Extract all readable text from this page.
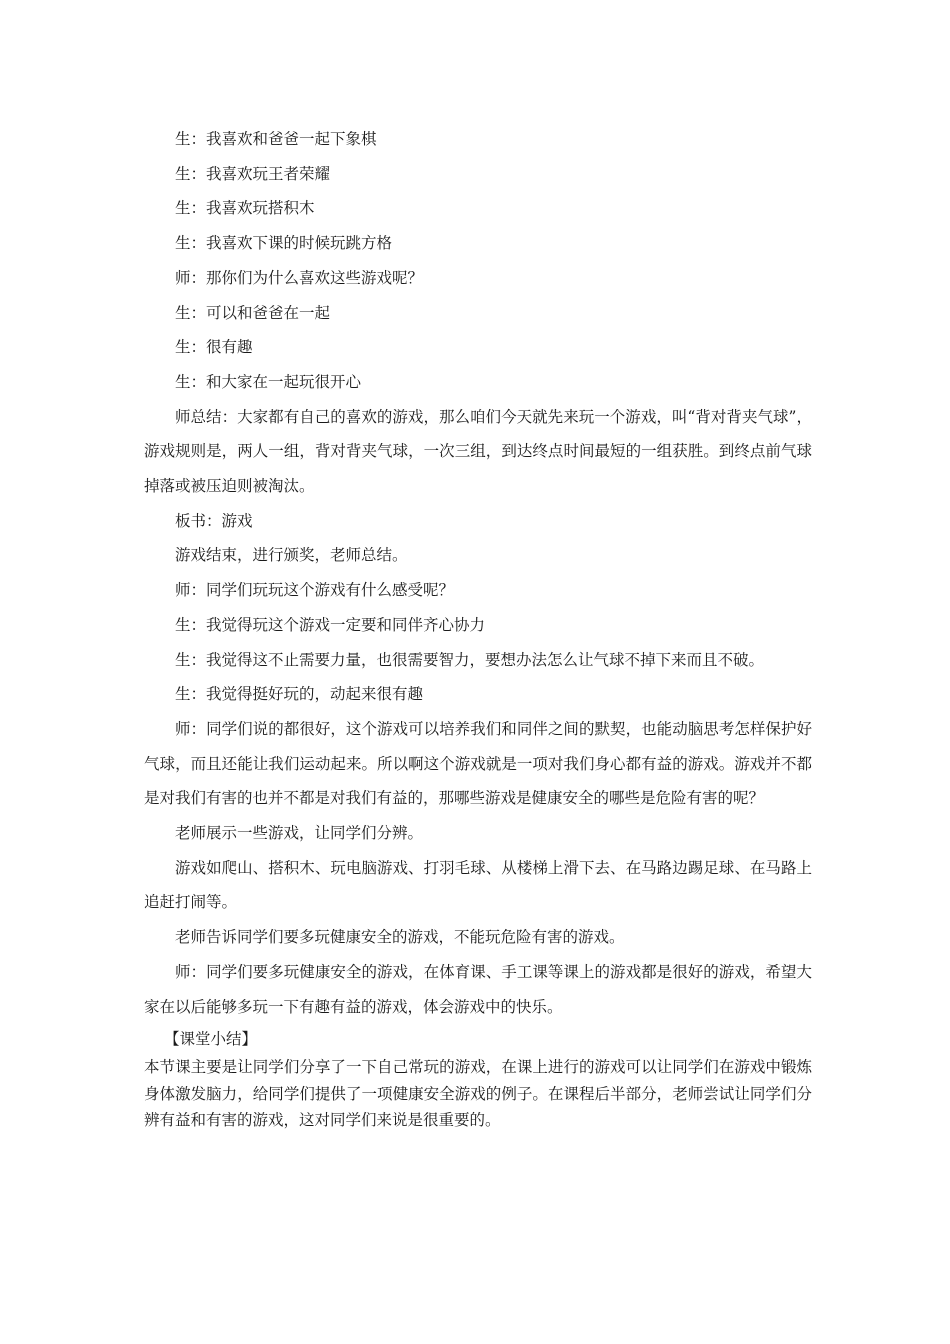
生：我喜欢和爸爸一起下象棋

生：我喜欢玩王者荣耀

生：我喜欢玩搭积木

生：我喜欢下课的时候玩跳方格

师：那你们为什么喜欢这些游戏呢？

生：可以和爸爸在一起

生：很有趣

生：和大家在一起玩很开心

师总结：大家都有自己的喜欢的游戏，那么咱们今天就先来玩一个游戏，叫“背对背夹气球”，游戏规则是，两人一组，背对背夹气球，一次三组，到达终点时间最短的一组获胜。到终点前气球掉落或被压迫则被淘汰。

板书：游戏

游戏结束，进行颁奖，老师总结。

师：同学们玩玩这个游戏有什么感受呢？

生：我觉得玩这个游戏一定要和同伴齐心协力

生：我觉得这不止需要力量，也很需要智力，要想办法怎么让气球不掉下来而且不破。

生：我觉得挺好玩的，动起来很有趣

师：同学们说的都很好，这个游戏可以培养我们和同伴之间的默契，也能动脑思考怎样保护好气球，而且还能让我们运动起来。所以啊这个游戏就是一项对我们身心都有益的游戏。游戏并不都是对我们有害的也并不都是对我们有益的，那哪些游戏是健康安全的哪些是危险有害的呢？

老师展示一些游戏，让同学们分辨。

游戏如爬山、搭积木、玩电脑游戏、打羽毛球、从楼梯上滑下去、在马路边踢足球、在马路上追赶打闹等。

老师告诉同学们要多玩健康安全的游戏，不能玩危险有害的游戏。

师：同学们要多玩健康安全的游戏，在体育课、手工课等课上的游戏都是很好的游戏，希望大家在以后能够多玩一下有趣有益的游戏，体会游戏中的快乐。

【课堂小结】

本节课主要是让同学们分享了一下自己常玩的游戏，在课上进行的游戏可以让同学们在游戏中锻炼身体激发脑力，给同学们提供了一项健康安全游戏的例子。在课程后半部分，老师尝试让同学们分辨有益和有害的游戏，这对同学们来说是很重要的。
